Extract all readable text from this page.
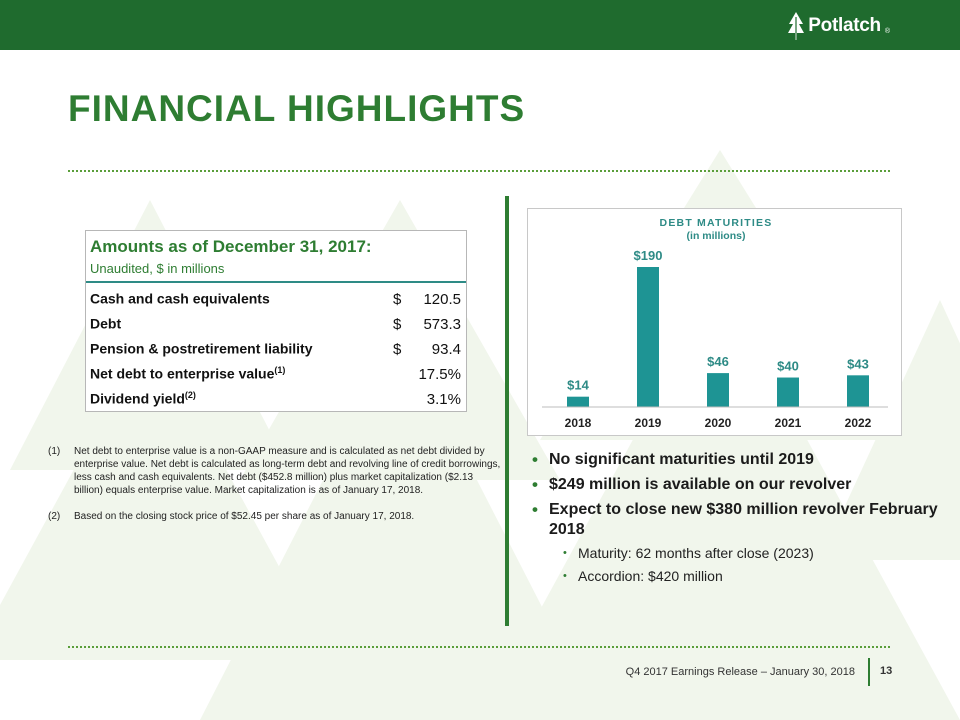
Potlatch ®
FINANCIAL HIGHLIGHTS
Amounts as of December 31, 2017:
Unaudited, $ in millions
Cash and cash equivalents	$ 120.5
Debt	$ 573.3
Pension & postretirement liability	$ 93.4
Net debt to enterprise value$^{(1)}$	17.5%
Dividend yield$^{(2)}$	3.1%
(1) Net debt to enterprise value is a non-GAAP measure and is calculated as net debt divided by enterprise value. Net debt is calculated as long-term debt and revolving line of credit borrowings, less cash and cash equivalents. Net debt ($452.8 million) plus market capitalization ($2.13 billion) equals enterprise value. Market capitalization is as of January 17, 2018.
(2) Based on the closing stock price of $52.45 per share as of January 17, 2018.
DEBT MATURITIES
(in millions)
$14
2018
$190
2019
$46
2020
$40
2021
$43
2022
• No significant maturities until 2019
• $249 million is available on our revolver
• Expect to close new $380 million revolver February 2018
• Maturity: 62 months after close (2023)
• Accordion: $420 million
Q4 2017 Earnings Release – January 30, 2018 13
